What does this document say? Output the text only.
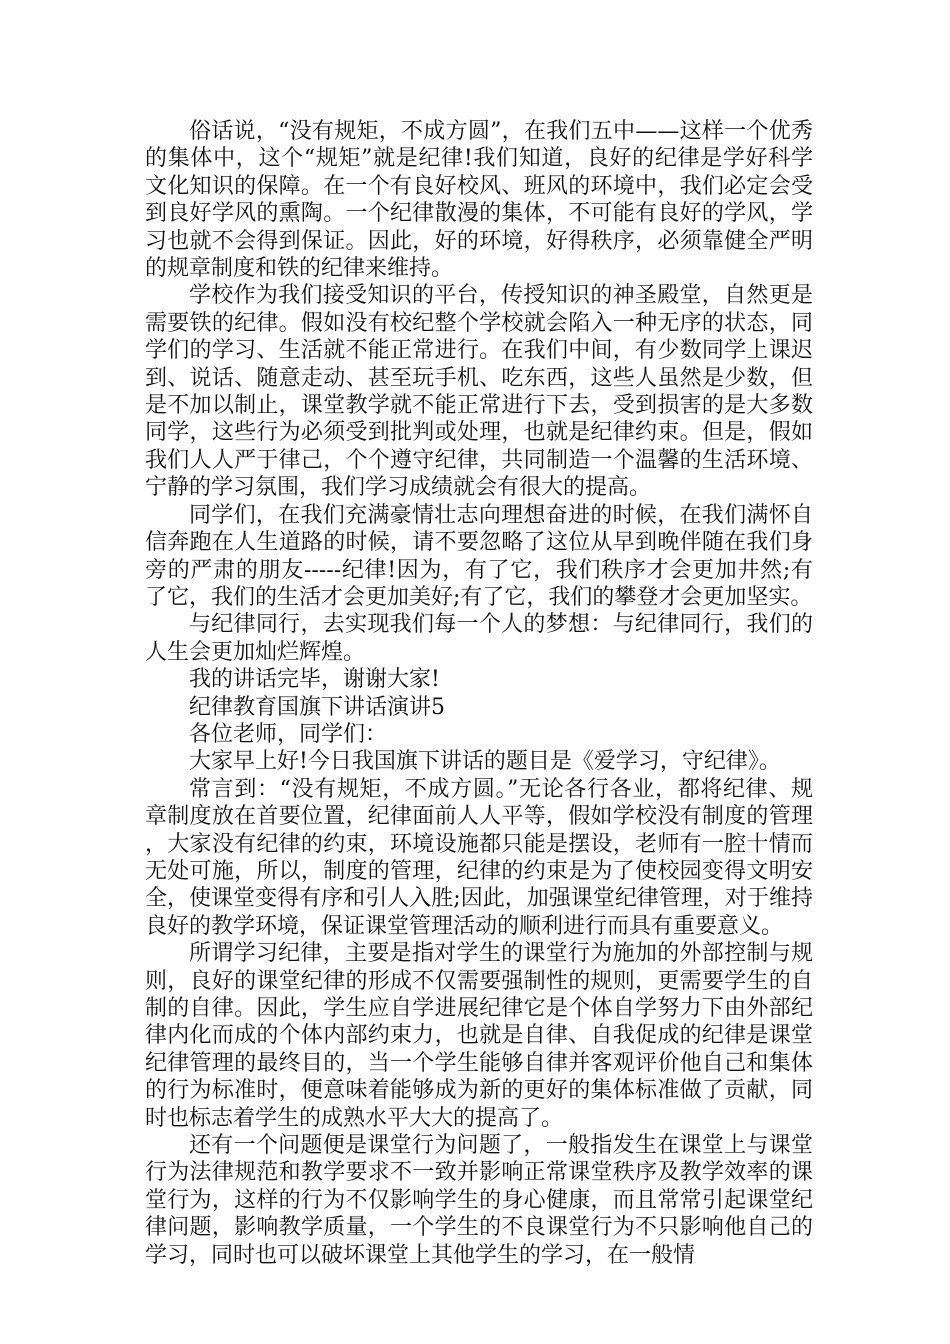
俗话说，“没有规矩，不成方圆”，在我们五中——这样一个优秀的集体中，这个“规矩”就是纪律!我们知道，良好的纪律是学好科学文化知识的保障。在一个有良好校风、班风的环境中，我们必定会受到良好学风的熏陶。一个纪律散漫的集体，不可能有良好的学风，学习也就不会得到保证。因此，好的环境，好得秩序，必须靠健全严明的规章制度和铁的纪律来维持。

学校作为我们接受知识的平台，传授知识的神圣殿堂，自然更是需要铁的纪律。假如没有校纪整个学校就会陷入一种无序的状态，同学们的学习、生活就不能正常进行。在我们中间，有少数同学上课迟到、说话、随意走动、甚至玩手机、吃东西，这些人虽然是少数，但是不加以制止，课堂教学就不能正常进行下去，受到损害的是大多数同学，这些行为必须受到批判或处理，也就是纪律约束。但是，假如我们人人严于律己，个个遵守纪律，共同制造一个温馨的生活环境、宁静的学习氛围，我们学习成绩就会有很大的提高。

同学们，在我们充满豪情壮志向理想奋进的时候，在我们满怀自信奔跑在人生道路的时候，请不要忽略了这位从早到晚伴随在我们身旁的严肃的朋友-----纪律!因为，有了它，我们秩序才会更加井然;有了它，我们的生活才会更加美好;有了它，我们的攀登才会更加坚实。

与纪律同行，去实现我们每一个人的梦想：与纪律同行，我们的人生会更加灿烂辉煌。

我的讲话完毕，谢谢大家!

纪律教育国旗下讲话演讲5

各位老师，同学们：

大家早上好!今日我国旗下讲话的题目是《爱学习，守纪律》。

常言到：“没有规矩，不成方圆。”无论各行各业，都将纪律、规章制度放在首要位置，纪律面前人人平等，假如学校没有制度的管理，大家没有纪律的约束，环境设施都只能是摆设，老师有一腔十情而无处可施，所以，制度的管理，纪律的约束是为了使校园变得文明安全，使课堂变得有序和引人入胜;因此，加强课堂纪律管理，对于维持良好的教学环境，保证课堂管理活动的顺利进行而具有重要意义。

所谓学习纪律，主要是指对学生的课堂行为施加的外部控制与规则，良好的课堂纪律的形成不仅需要强制性的规则，更需要学生的自制的自律。因此，学生应自学进展纪律它是个体自学努力下由外部纪律内化而成的个体内部约束力，也就是自律、自我促成的纪律是课堂纪律管理的最终目的，当一个学生能够自律并客观评价他自己和集体的行为标准时，便意味着能够成为新的更好的集体标准做了贡献，同时也标志着学生的成熟水平大大的提高了。

还有一个问题便是课堂行为问题了，一般指发生在课堂上与课堂行为法律规范和教学要求不一致并影响正常课堂秩序及教学效率的课堂行为，这样的行为不仅影响学生的身心健康，而且常常引起课堂纪律问题，影响教学质量，一个学生的不良课堂行为不只影响他自己的学习，同时也可以破坏课堂上其他学生的学习，在一般情
